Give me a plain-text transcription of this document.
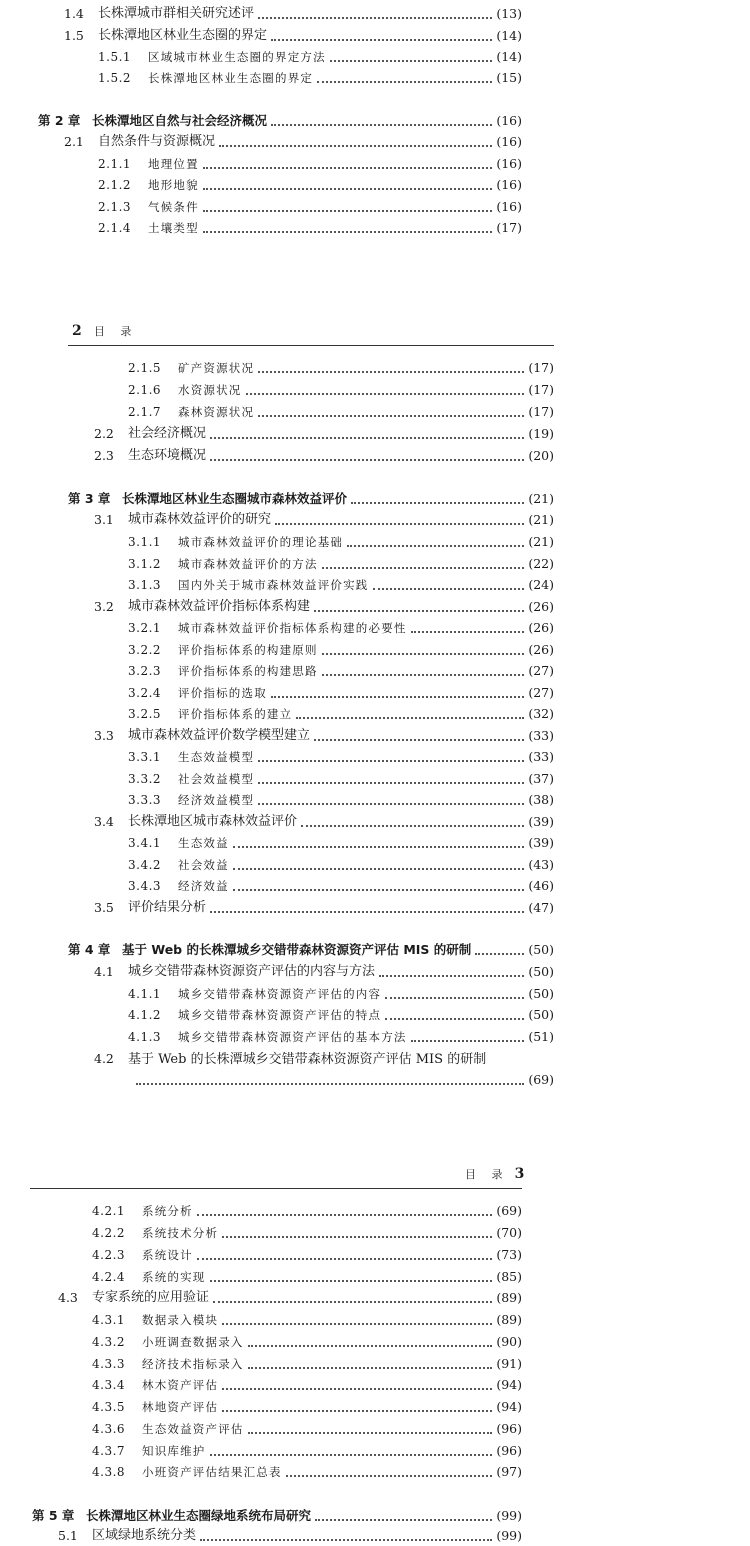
1.4	长株潭城市群相关研究述评	(13)
1.5	长株潭地区林业生态圈的界定	(14)
1.5.1	区域城市林业生态圈的界定方法	(14)
1.5.2	长株潭地区林业生态圈的界定	(15)
第 2 章 长株潭地区自然与社会经济概况	(16)
2.1	自然条件与资源概况	(16)
2.1.1	地理位置	(16)
2.1.2	地形地貌	(16)
2.1.3	气候条件	(16)
2.1.4	土壤类型	(17)
2 目 录
2.1.5	矿产资源状况	(17)
2.1.6	水资源状况	(17)
2.1.7	森林资源状况	(17)
2.2	社会经济概况	(19)
2.3	生态环境概况	(20)
第 3 章 长株潭地区林业生态圈城市森林效益评价	(21)
3.1	城市森林效益评价的研究	(21)
3.1.1	城市森林效益评价的理论基础	(21)
3.1.2	城市森林效益评价的方法	(22)
3.1.3	国内外关于城市森林效益评价实践	(24)
3.2	城市森林效益评价指标体系构建	(26)
3.2.1	城市森林效益评价指标体系构建的必要性	(26)
3.2.2	评价指标体系的构建原则	(26)
3.2.3	评价指标体系的构建思路	(27)
3.2.4	评价指标的选取	(27)
3.2.5	评价指标体系的建立	(32)
3.3	城市森林效益评价数学模型建立	(33)
3.3.1	生态效益模型	(33)
3.3.2	社会效益模型	(37)
3.3.3	经济效益模型	(38)
3.4	长株潭地区城市森林效益评价	(39)
3.4.1	生态效益	(39)
3.4.2	社会效益	(43)
3.4.3	经济效益	(46)
3.5	评价结果分析	(47)
第 4 章 基于 Web 的长株潭城乡交错带森林资源资产评估 MIS 的研制	(50)
4.1	城乡交错带森林资源资产评估的内容与方法	(50)
4.1.1	城乡交错带森林资源资产评估的内容	(50)
4.1.2	城乡交错带森林资源资产评估的特点	(50)
4.1.3	城乡交错带森林资源资产评估的基本方法	(51)
4.2 基于 Web 的长株潭城乡交错带森林资源资产评估 MIS 的研制
(69)
目 录 3
4.2.1	系统分析	(69)
4.2.2	系统技术分析	(70)
4.2.3	系统设计	(73)
4.2.4	系统的实现	(85)
4.3	专家系统的应用验证	(89)
4.3.1	数据录入模块	(89)
4.3.2	小班调查数据录入	(90)
4.3.3	经济技术指标录入	(91)
4.3.4	林木资产评估	(94)
4.3.5	林地资产评估	(94)
4.3.6	生态效益资产评估	(96)
4.3.7	知识库维护	(96)
4.3.8	小班资产评估结果汇总表	(97)
第 5 章 长株潭地区林业生态圈绿地系统布局研究	(99)
5.1	区域绿地系统分类	(99)
